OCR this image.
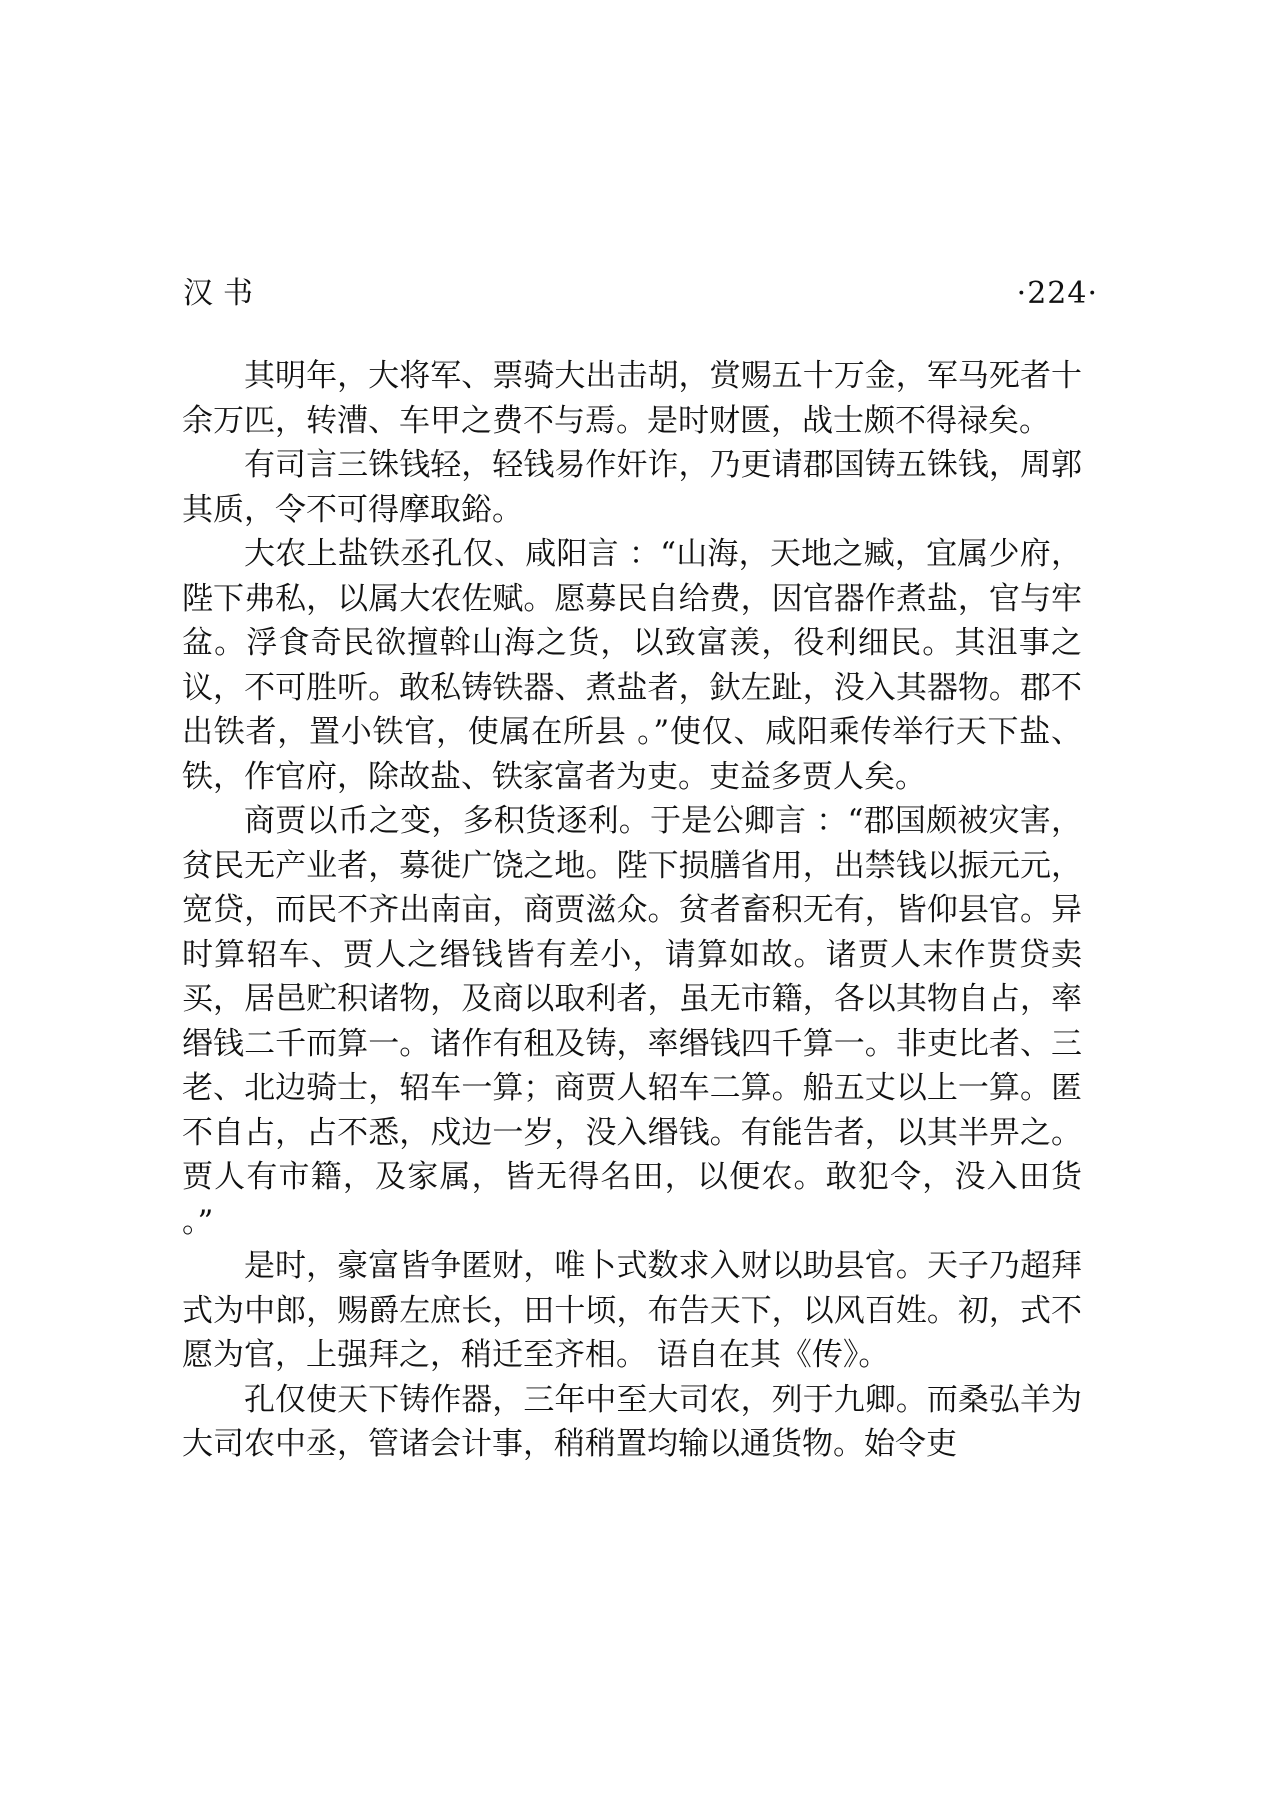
汉书	·224·

其明年，大将军、票骑大出击胡，赏赐五十万金，军马死者十余万匹，转漕、车甲之费不与焉。是时财匮，战士颇不得禄矣。

有司言三铢钱轻，轻钱易作奸诈，乃更请郡国铸五铢钱，周郭其质，令不可得摩取鋊。

大农上盐铁丞孔仅、咸阳言 ：“山海，天地之臧，宜属少府，陛下弗私，以属大农佐赋。愿募民自给费，因官器作煮盐，官与牢盆。浮食奇民欲擅斡山海之货，以致富羡，役利细民。其沮事之议，不可胜听。敢私铸铁器、煮盐者，釱左趾，没入其器物。郡不出铁者，置小铁官，使属在所县 。”使仅、咸阳乘传举行天下盐、铁，作官府，除故盐、铁家富者为吏。吏益多贾人矣。

商贾以币之变，多积货逐利。于是公卿言 ：“郡国颇被灾害，贫民无产业者，募徙广饶之地。陛下损膳省用，出禁钱以振元元，宽贷，而民不齐出南亩，商贾滋众。贫者畜积无有，皆仰县官。异时算轺车、贾人之缗钱皆有差小，请算如故。诸贾人末作贳贷卖买，居邑贮积诸物，及商以取利者，虽无市籍，各以其物自占，率缗钱二千而算一。诸作有租及铸，率缗钱四千算一。非吏比者、三老、北边骑士，轺车一算；商贾人轺车二算。船五丈以上一算。匿不自占，占不悉，戍边一岁，没入缗钱。有能告者，以其半畀之。贾人有市籍，及家属，皆无得名田，以便农。敢犯令，没入田货 。”

是时，豪富皆争匿财，唯卜式数求入财以助县官。天子乃超拜式为中郎，赐爵左庶长，田十顷，布告天下，以风百姓。初，式不愿为官，上强拜之，稍迁至齐相。 语自在其《传》。

孔仅使天下铸作器，三年中至大司农，列于九卿。而桑弘羊为大司农中丞，管诸会计事，稍稍置均输以通货物。始令吏
